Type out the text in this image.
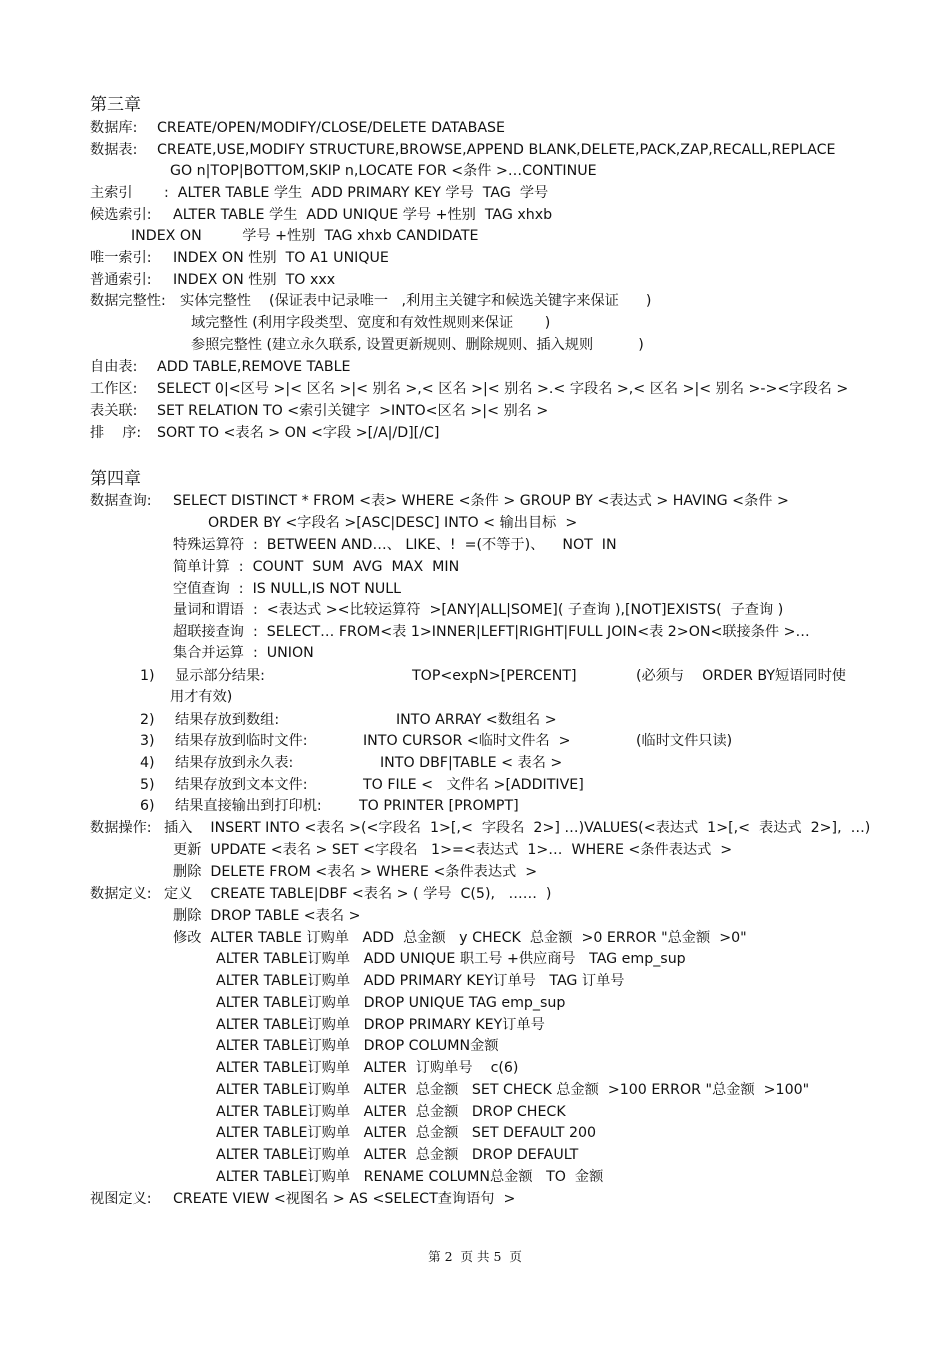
第三章
数据库: CREATE/OPEN/MODIFY/CLOSE/DELETE DATABASE
数据表: CREATE,USE,MODIFY STRUCTURE,BROWSE,APPEND BLANK,DELETE,PACK,ZAP,RECALL,REPLACE
GO n|TOP|BOTTOM,SKIP n,LOCATE FOR <条件 >…CONTINUE
主索引 :  ALTER TABLE 学生  ADD PRIMARY KEY 学号  TAG  学号
候选索引: ALTER TABLE 学生  ADD UNIQUE 学号 +性别  TAG xhxb
INDEX ON         学号 +性别  TAG xhxb CANDIDATE
唯一索引: INDEX ON 性别  TO A1 UNIQUE
普通索引: INDEX ON 性别  TO xxx
数据完整性: 实体完整性    (保证表中记录唯一   ,利用主关键字和候选关键字来保证      )
域完整性 (利用字段类型、宽度和有效性规则来保证       )
参照完整性 (建立永久联系, 设置更新规则、删除规则、插入规则          )
自由表: ADD TABLE,REMOVE TABLE
工作区: SELECT 0|<区号 >|< 区名 >|< 别名 >,< 区名 >|< 别名 >.< 字段名 >,< 区名 >|< 别名 >-><字段名 >
表关联: SET RELATION TO <索引关键字  >INTO<区名 >|< 别名 >
排    序: SORT TO <表名 > ON <字段 >[/A|/D][/C]
第四章
数据查询: SELECT DISTINCT * FROM <表> WHERE <条件 > GROUP BY <表达式 > HAVING <条件 >
ORDER BY <字段名 >[ASC|DESC] INTO < 输出目标  >
特殊运算符  :  BETWEEN AND…、 LIKE、!  =(不等于)、    NOT  IN
简单计算  :  COUNT  SUM  AVG  MAX  MIN
空值查询  :  IS NULL,IS NOT NULL
量词和谓语  :  <表达式 ><比较运算符  >[ANY|ALL|SOME]( 子查询 ),[NOT]EXISTS(  子查询 )
超联接查询  :  SELECT… FROM<表 1>INNER|LEFT|RIGHT|FULL JOIN<表 2>ON<联接条件 >…
集合并运算  :  UNION
1) 显示部分结果:	TOP<expN>[PERCENT]	(必须与    ORDER BY短语同时使
用才有效)
2) 结果存放到数组:	INTO ARRAY <数组名 >
3) 结果存放到临时文件:	INTO CURSOR <临时文件名  >	(临时文件只读)
4) 结果存放到永久表:	INTO DBF|TABLE < 表名 >
5) 结果存放到文本文件:	TO FILE <   文件名 >[ADDITIVE]
6) 结果直接输出到打印机:	TO PRINTER [PROMPT]
数据操作: 插入    INSERT INTO <表名 >(<字段名  1>[,<  字段名  2>] …)VALUES(<表达式  1>[,<  表达式  2>],  …)
更新  UPDATE <表名 > SET <字段名   1>=<表达式  1>…  WHERE <条件表达式  >
删除  DELETE FROM <表名 > WHERE <条件表达式  >
数据定义: 定义    CREATE TABLE|DBF <表名 > ( 学号  C(5),   ……  )
删除  DROP TABLE <表名 >
修改  ALTER TABLE 订购单   ADD  总金额   y CHECK  总金额  >0 ERROR "总金额  >0"
ALTER TABLE订购单   ADD UNIQUE 职工号 +供应商号   TAG emp_sup
ALTER TABLE订购单   ADD PRIMARY KEY订单号   TAG 订单号
ALTER TABLE订购单   DROP UNIQUE TAG emp_sup
ALTER TABLE订购单   DROP PRIMARY KEY订单号
ALTER TABLE订购单   DROP COLUMN金额
ALTER TABLE订购单   ALTER  订购单号    c(6)
ALTER TABLE订购单   ALTER  总金额   SET CHECK 总金额  >100 ERROR "总金额  >100"
ALTER TABLE订购单   ALTER  总金额   DROP CHECK
ALTER TABLE订购单   ALTER  总金额   SET DEFAULT 200
ALTER TABLE订购单   ALTER  总金额   DROP DEFAULT
ALTER TABLE订购单   RENAME COLUMN总金额   TO  金额
视图定义: CREATE VIEW <视图名 > AS <SELECT查询语句  >
第 2  页 共 5  页
